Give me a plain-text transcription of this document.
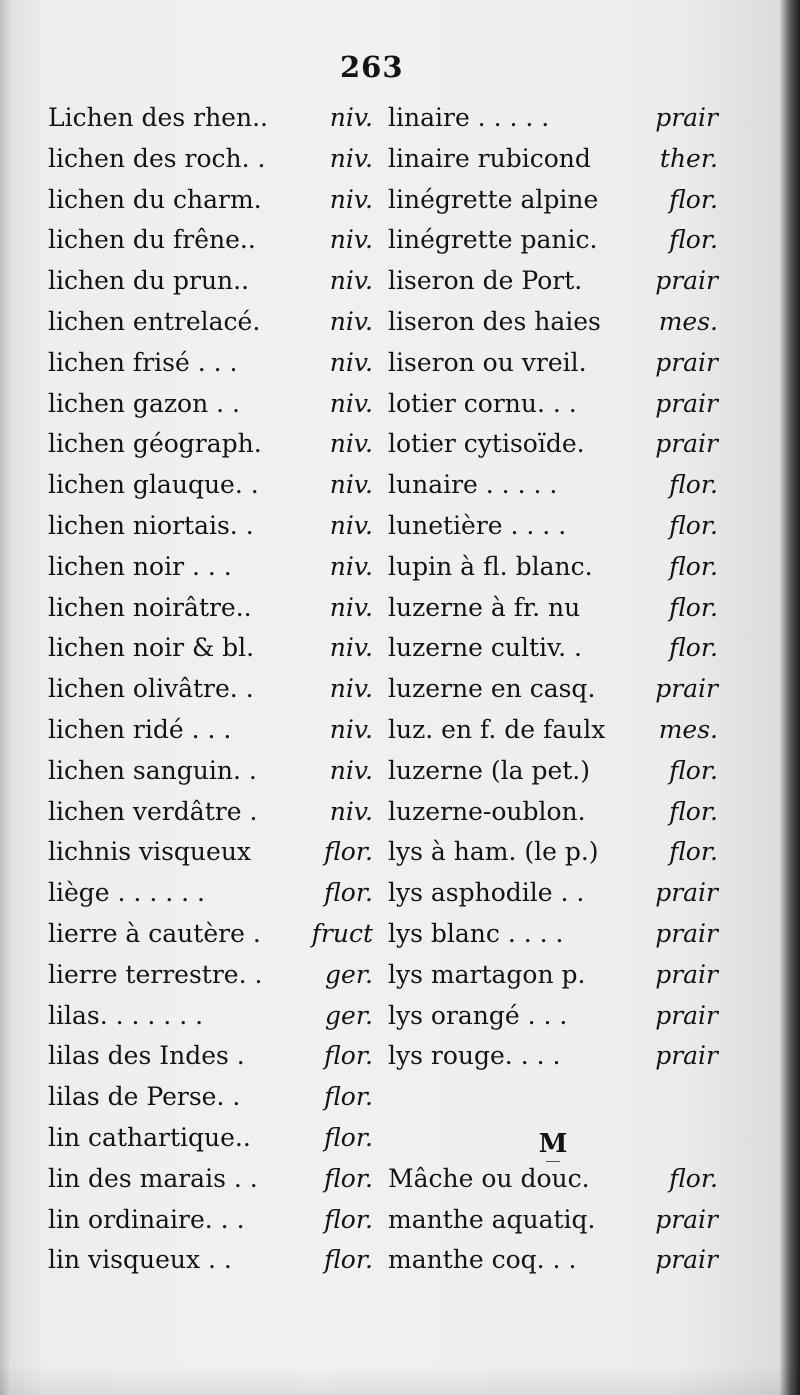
263
Lichen des rhen.. niv.
lichen des roch. .	niv.
lichen du charm.	niv.
lichen du frêne..	niv.
lichen du prun..	niv.
lichen entrelacé.	niv.
lichen frisé . . .	niv.
lichen gazon . .	niv.
lichen géograph.	niv.
lichen glauque. .	niv.
lichen niortais. .	niv.
lichen noir . . .	niv.
lichen noirâtre..	niv.
lichen noir & bl.	niv.
lichen olivâtre. .	niv.
lichen ridé . . .	niv.
lichen sanguin. .	niv.
lichen verdâtre .	niv.
lichnis visqueux	flor.
liège . . . . . .	flor.
lierre à cautère . fruct
lierre terrestre. .	ger.
lilas. . . . . . .	ger.
lilas des Indes .	flor.
lilas de Perse. .	flor.
lin cathartique..	flor.
lin des marais . .	flor.
lin ordinaire. . .	flor.
lin visqueux . .	flor.
linaire . . . . .	prair
linaire rubicond	ther.
linégrette alpine	flor.
linégrette panic.	flor.
liseron de Port.	prair
liseron des haies mes.
liseron ou vreil.	prair
lotier cornu. . .	prair
lotier cytisoïde.	prair
lunaire . . . . .	flor.
lunetière . . . .	flor.
lupin à fl. blanc.	flor.
luzerne à fr. nu	flor.
luzerne cultiv. .	flor.
luzerne en casq. prair
luz. en f. de faulx mes.
luzerne (la pet.)	flor.
luzerne-oublon.	flor.
lys à ham. (le p.)	flor.
lys asphodile . .	prair
lys blanc . . . .	prair
lys martagon p.	prair
lys orangé . . .	prair
lys rouge. . . .	prair
M
Mâche ou douc.	flor.
manthe aquatiq. prair
manthe coq. . .	prair
